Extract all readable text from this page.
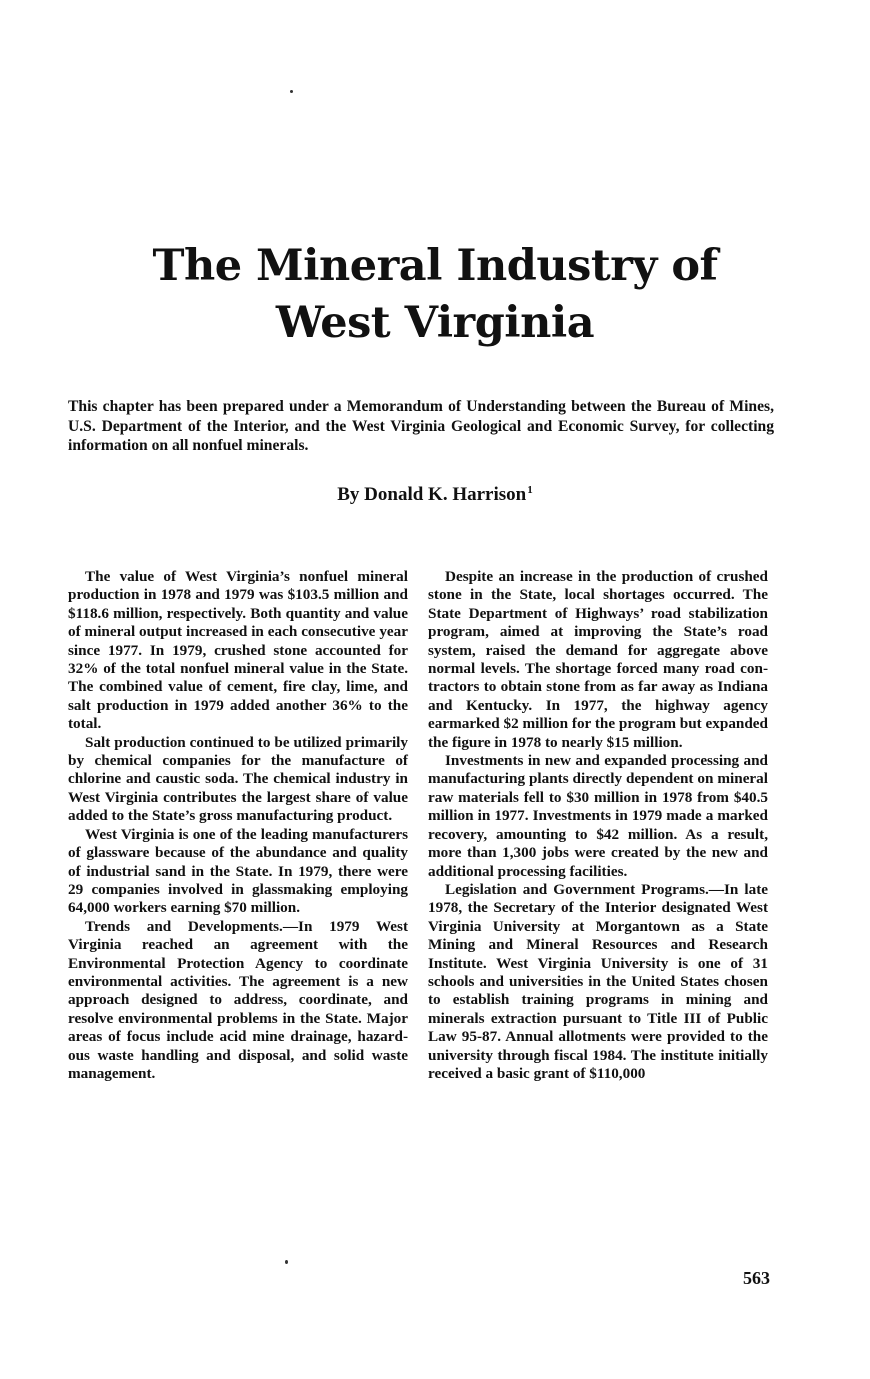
The Mineral Industry of
West Virginia

This chapter has been prepared under a Memorandum of Understanding between the Bureau of Mines, U.S. Department of the Interior, and the West Virginia Geological and Economic Survey, for collecting information on all nonfuel minerals.

By Donald K. Harrison$^1$

The value of West Virginia’s nonfuel mineral production in 1978 and 1979 was $103.5 million and $118.6 million, respectively. Both quantity and value of mineral output increased in each consecutive year since 1977. In 1979, crushed stone accounted for 32% of the total nonfuel mineral value in the State. The combined value of cement, fire clay, lime, and salt production in 1979 added another 36% to the total.

Salt production continued to be utilized primarily by chemical companies for the manufacture of chlorine and caustic soda. The chemical industry in West Virginia contributes the largest share of value added to the State’s gross manufacturing product.

West Virginia is one of the leading manufacturers of glassware because of the abundance and quality of industrial sand in the State. In 1979, there were 29 companies involved in glassmaking employing 64,000 workers earning $70 million.

Trends and Developments.—In 1979 West Virginia reached an agreement with the Environmental Protection Agency to coordinate environmental activities. The agreement is a new approach designed to address, coordinate, and resolve environmental problems in the State. Major areas of focus include acid mine drainage, hazardous waste handling and disposal, and solid waste management.

Despite an increase in the production of crushed stone in the State, local shortages occurred. The State Department of Highways’ road stabilization program, aimed at improving the State’s road system, raised the demand for aggregate above normal levels. The shortage forced many road contractors to obtain stone from as far away as Indiana and Kentucky. In 1977, the highway agency earmarked $2 million for the program but expanded the figure in 1978 to nearly $15 million.

Investments in new and expanded processing and manufacturing plants directly dependent on mineral raw materials fell to $30 million in 1978 from $40.5 million in 1977. Investments in 1979 made a marked recovery, amounting to $42 million. As a result, more than 1,300 jobs were created by the new and additional processing facilities.

Legislation and Government Programs.—In late 1978, the Secretary of the Interior designated West Virginia University at Morgantown as a State Mining and Mineral Resources and Research Institute. West Virginia University is one of 31 schools and universities in the United States chosen to establish training programs in mining and minerals extraction pursuant to Title III of Public Law 95-87. Annual allotments were provided to the university through fiscal 1984. The institute initially received a basic grant of $110,000

563
